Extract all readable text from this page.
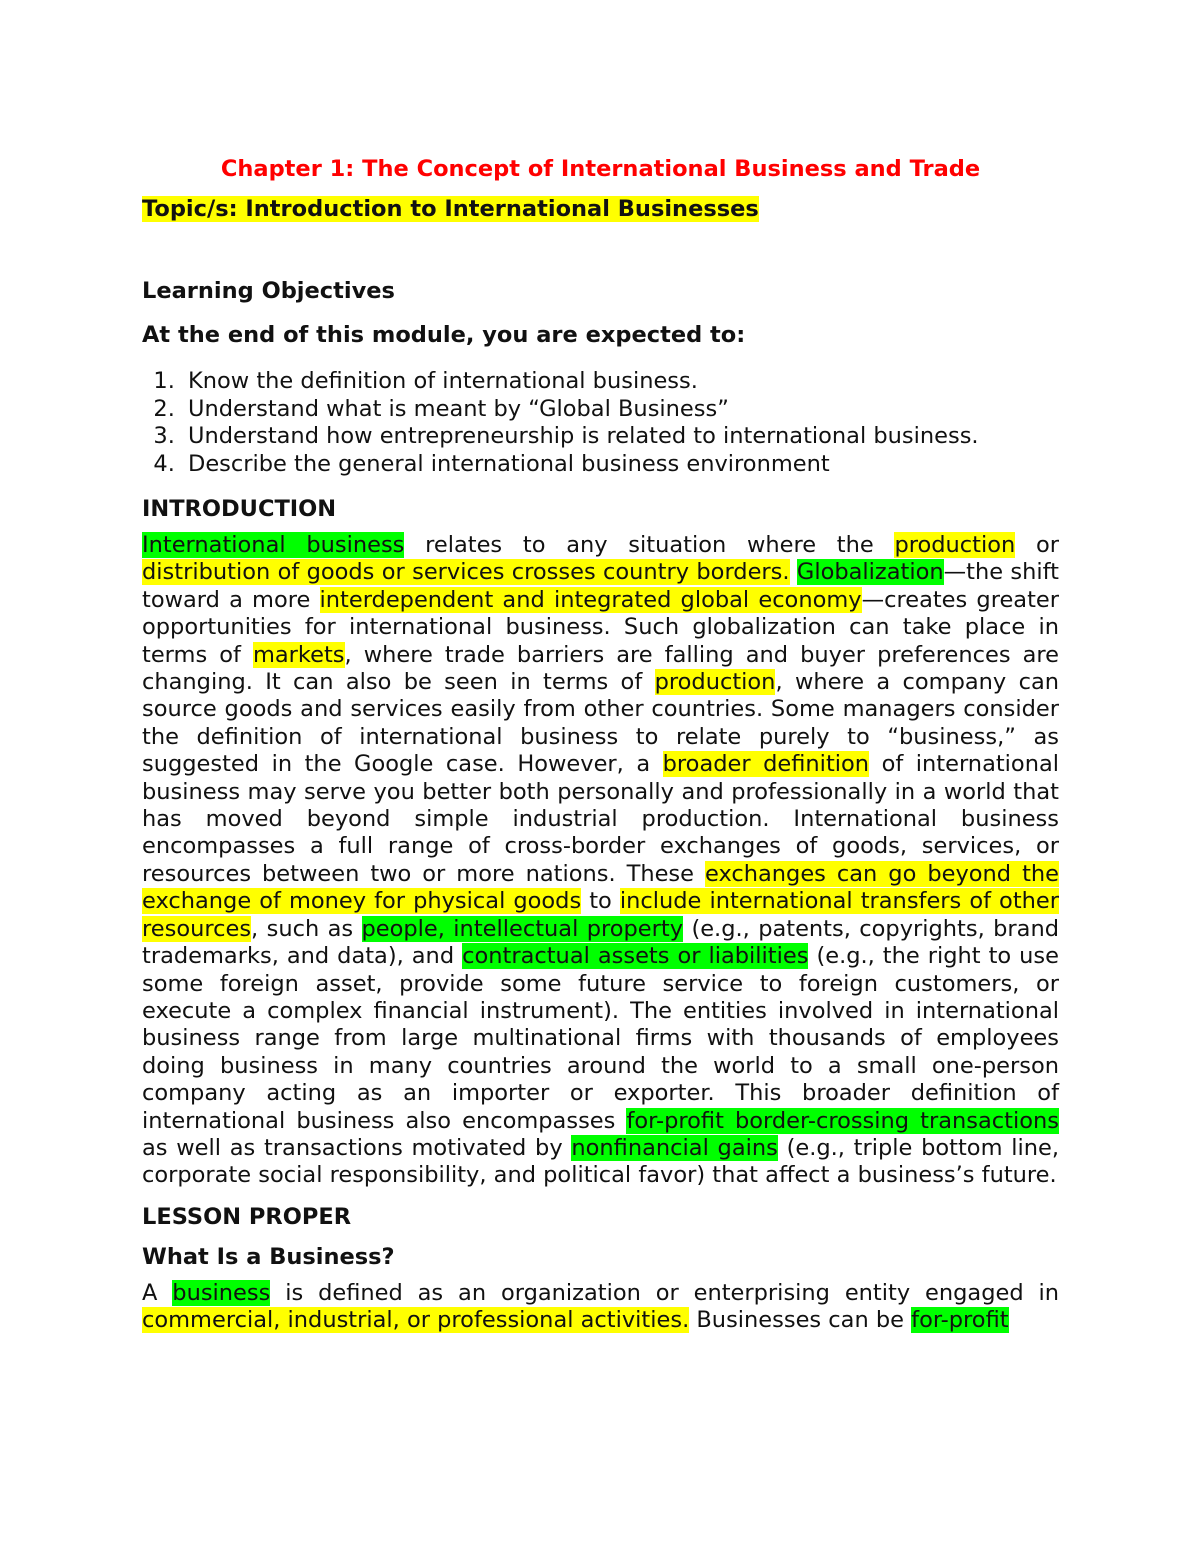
Chapter 1: The Concept of International Business and Trade
Topic/s: Introduction to International Businesses
Learning Objectives
At the end of this module, you are expected to:
1. Know the definition of international business.
2. Understand what is meant by “Global Business”
3. Understand how entrepreneurship is related to international business.
4. Describe the general international business environment
INTRODUCTION

International business relates to any situation where the production or distribution of goods or services crosses country borders. Globalization—the shift toward a more interdependent and integrated global economy—creates greater opportunities for international business. Such globalization can take place in terms of markets, where trade barriers are falling and buyer preferences are changing. It can also be seen in terms of production, where a company can source goods and services easily from other countries. Some managers consider the definition of international business to relate purely to “business,” as suggested in the Google case. However, a broader definition of international business may serve you better both personally and professionally in a world that has moved beyond simple industrial production. International business encompasses a full range of cross-border exchanges of goods, services, or resources between two or more nations. These exchanges can go beyond the exchange of money for physical goods to include international transfers of other resources, such as people, intellectual property (e.g., patents, copyrights, brand trademarks, and data), and contractual assets or liabilities (e.g., the right to use some foreign asset, provide some future service to foreign customers, or execute a complex financial instrument). The entities involved in international business range from large multinational firms with thousands of employees doing business in many countries around the world to a small one-person company acting as an importer or exporter. This broader definition of international business also encompasses for-profit border-crossing transactions as well as transactions motivated by nonfinancial gains (e.g., triple bottom line, corporate social responsibility, and political favor) that affect a business’s future.

LESSON PROPER
What Is a Business?

A business is defined as an organization or enterprising entity engaged in commercial, industrial, or professional activities. Businesses can be for-profit
